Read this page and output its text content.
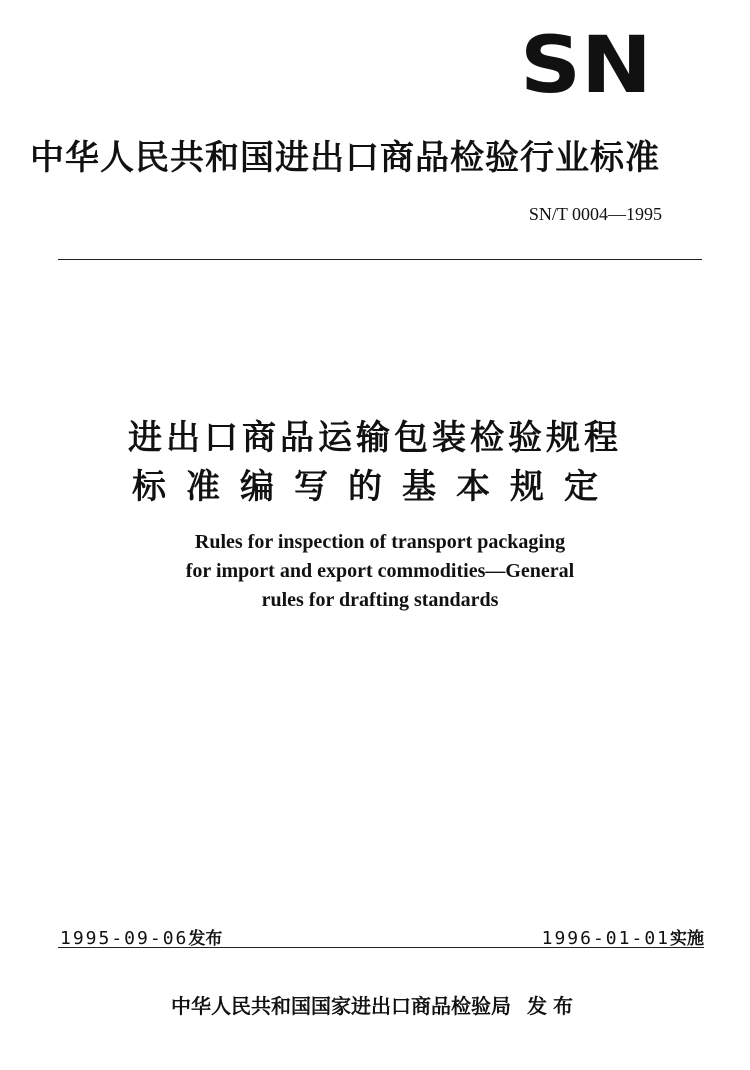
SN
中华人民共和国进出口商品检验行业标准
SN/T 0004—1995
进出口商品运输包装检验规程
标准编写的基本规定
Rules for inspection of transport packaging
for import and export commodities—General
rules for drafting standards
1995-09-06发布	1996-01-01实施
中华人民共和国国家进出口商品检验局 发布
